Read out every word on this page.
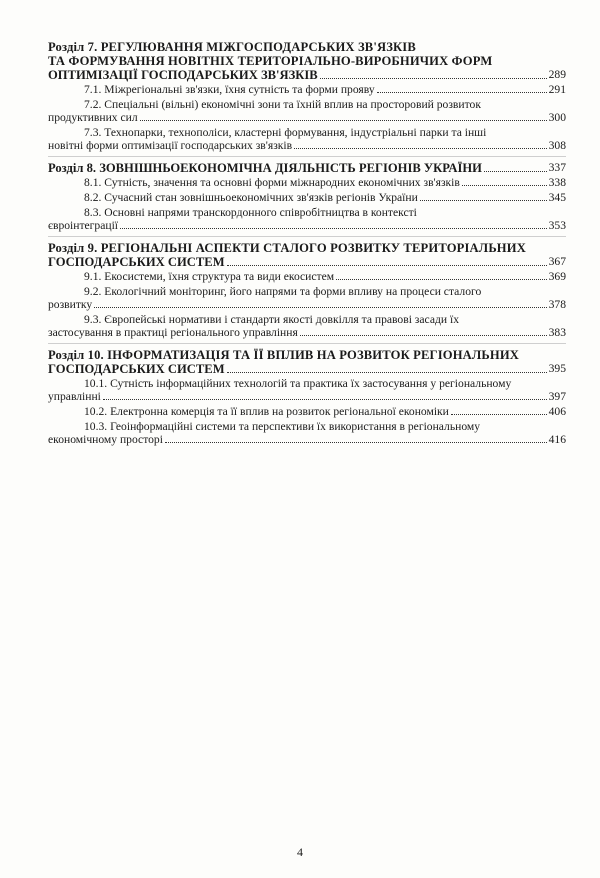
Розділ 7. РЕГУЛЮВАННЯ МІЖГОСПОДАРСЬКИХ ЗВ'ЯЗКІВ
ТА ФОРМУВАННЯ НОВІТНІХ ТЕРИТОРІАЛЬНО-ВИРОБНИЧИХ ФОРМ
ОПТИМІЗАЦІЇ ГОСПОДАРСЬКИХ ЗВ'ЯЗКІВ	289
7.1. Міжрегіональні зв'язки, їхня сутність та форми прояву	291
7.2. Спеціальні (вільні) економічні зони та їхній вплив на просторовий розвиток
продуктивних сил	300
7.3. Технопарки, технополіси, кластерні формування, індустріальні парки та інші
новітні форми оптимізації господарських зв'язків	308
Розділ 8. ЗОВНІШНЬОЕКОНОМІЧНА ДІЯЛЬНІСТЬ РЕГІОНІВ УКРАЇНИ	337
8.1. Сутність, значення та основні форми міжнародних економічних зв'язків	338
8.2. Сучасний стан зовнішньоекономічних зв'язків регіонів України	345
8.3. Основні напрями транскордонного співробітництва в контексті
євроінтеграції	353
Розділ 9. РЕГІОНАЛЬНІ АСПЕКТИ СТАЛОГО РОЗВИТКУ ТЕРИТОРІАЛЬНИХ
ГОСПОДАРСЬКИХ СИСТЕМ	367
9.1. Екосистеми, їхня структура та види екосистем	369
9.2. Екологічний моніторинг, його напрями та форми впливу на процеси сталого
розвитку	378
9.3. Європейські нормативи і стандарти якості довкілля та правові засади їх
застосування в практиці регіонального управління	383
Розділ 10. ІНФОРМАТИЗАЦІЯ ТА ЇЇ ВПЛИВ НА РОЗВИТОК РЕГІОНАЛЬНИХ
ГОСПОДАРСЬКИХ СИСТЕМ	395
10.1. Сутність інформаційних технологій та практика їх застосування у регіональному
управлінні	397
10.2. Електронна комерція та її вплив на розвиток регіональної економіки	406
10.3. Геоінформаційні системи та перспективи їх використання в регіональному
економічному просторі	416
4
